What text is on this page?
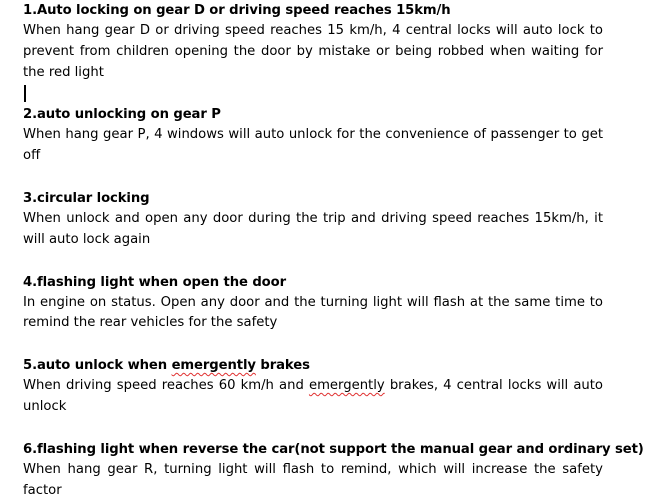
1.Auto locking on gear D or driving speed reaches 15km/h
When hang gear D or driving speed reaches 15 km/h, 4 central locks will auto lock to prevent from children opening the door by mistake or being robbed when waiting for the red light
2.auto unlocking on gear P
When hang gear P, 4 windows will auto unlock for the convenience of passenger to get off
3.circular locking
When unlock and open any door during the trip and driving speed reaches 15km/h, it will auto lock again
4.flashing light when open the door
In engine on status. Open any door and the turning light will flash at the same time to remind the rear vehicles for the safety
5.auto unlock when emergently brakes
When driving speed reaches 60 km/h and emergently brakes, 4 central locks will auto unlock
6.flashing light when reverse the car(not support the manual gear and ordinary set)
When hang gear R, turning light will flash to remind, which will increase the safety factor
